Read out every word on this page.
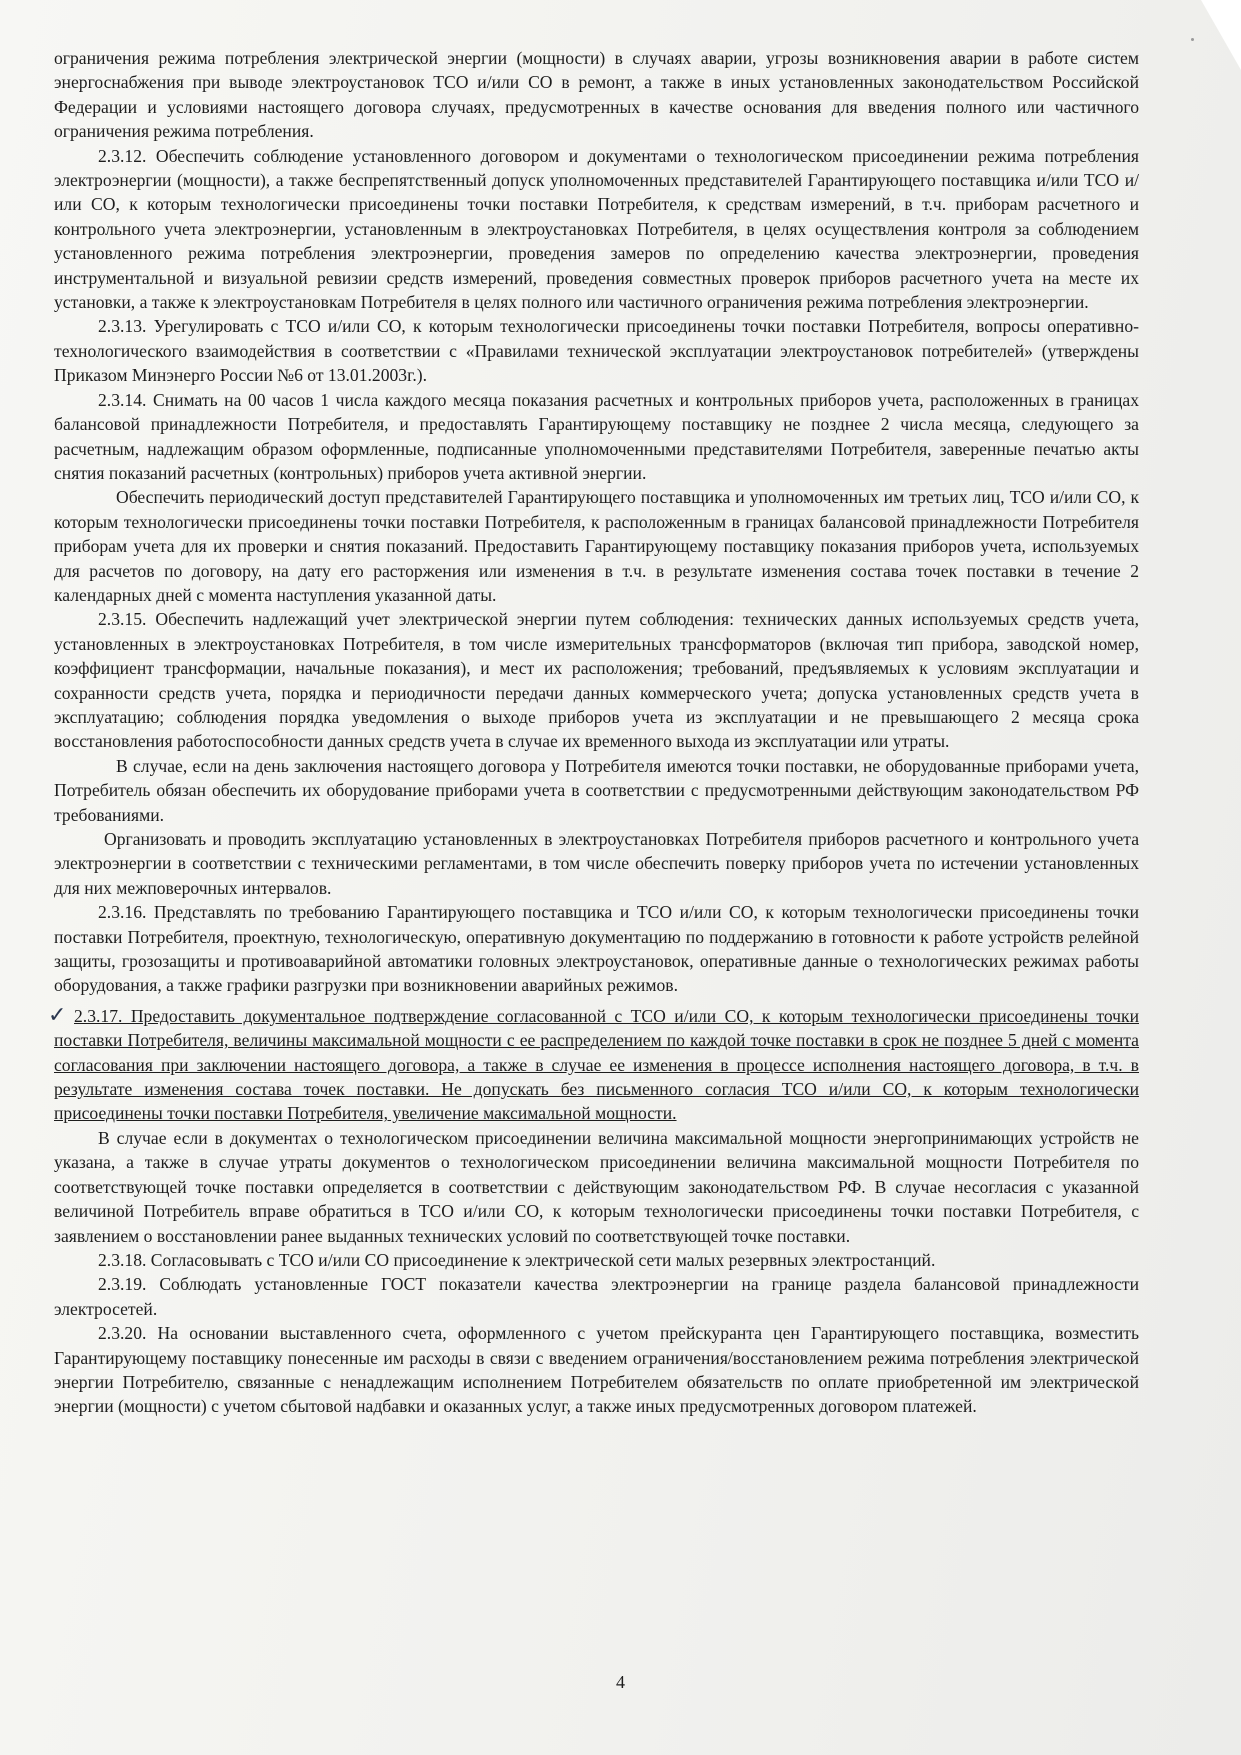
ограничения режима потребления электрической энергии (мощности) в случаях аварии, угрозы возникновения аварии в работе систем энергоснабжения при выводе электроустановок ТСО и/или СО в ремонт, а также в иных установленных законодательством Российской Федерации и условиями настоящего договора случаях, предусмотренных в качестве основания для введения полного или частичного ограничения режима потребления.

2.3.12. Обеспечить соблюдение установленного договором и документами о технологическом присоединении режима потребления электроэнергии (мощности), а также беспрепятственный допуск уполномоченных представителей Гарантирующего поставщика и/или ТСО и/или СО, к которым технологически присоединены точки поставки Потребителя, к средствам измерений, в т.ч. приборам расчетного и контрольного учета электроэнергии, установленным в электроустановках Потребителя, в целях осуществления контроля за соблюдением установленного режима потребления электроэнергии, проведения замеров по определению качества электроэнергии, проведения инструментальной и визуальной ревизии средств измерений, проведения совместных проверок приборов расчетного учета на месте их установки, а также к электроустановкам Потребителя в целях полного или частичного ограничения режима потребления электроэнергии.

2.3.13. Урегулировать с ТСО и/или СО, к которым технологически присоединены точки поставки Потребителя, вопросы оперативно-технологического взаимодействия в соответствии с «Правилами технической эксплуатации электроустановок потребителей» (утверждены Приказом Минэнерго России №6 от 13.01.2003г.).

2.3.14. Снимать на 00 часов 1 числа каждого месяца показания расчетных и контрольных приборов учета, расположенных в границах балансовой принадлежности Потребителя, и предоставлять Гарантирующему поставщику не позднее 2 числа месяца, следующего за расчетным, надлежащим образом оформленные, подписанные уполномоченными представителями Потребителя, заверенные печатью акты снятия показаний расчетных (контрольных) приборов учета активной энергии.

Обеспечить периодический доступ представителей Гарантирующего поставщика и уполномоченных им третьих лиц, ТСО и/или СО, к которым технологически присоединены точки поставки Потребителя, к расположенным в границах балансовой принадлежности Потребителя приборам учета для их проверки и снятия показаний. Предоставить Гарантирующему поставщику показания приборов учета, используемых для расчетов по договору, на дату его расторжения или изменения в т.ч. в результате изменения состава точек поставки в течение 2 календарных дней с момента наступления указанной даты.

2.3.15. Обеспечить надлежащий учет электрической энергии путем соблюдения: технических данных используемых средств учета, установленных в электроустановках Потребителя, в том числе измерительных трансформаторов (включая тип прибора, заводской номер, коэффициент трансформации, начальные показания), и мест их расположения; требований, предъявляемых к условиям эксплуатации и сохранности средств учета, порядка и периодичности передачи данных коммерческого учета; допуска установленных средств учета в эксплуатацию; соблюдения порядка уведомления о выходе приборов учета из эксплуатации и не превышающего 2 месяца срока восстановления работоспособности данных средств учета в случае их временного выхода из эксплуатации или утраты.

В случае, если на день заключения настоящего договора у Потребителя имеются точки поставки, не оборудованные приборами учета, Потребитель обязан обеспечить их оборудование приборами учета в соответствии с предусмотренными действующим законодательством РФ требованиями.

Организовать и проводить эксплуатацию установленных в электроустановках Потребителя приборов расчетного и контрольного учета электроэнергии в соответствии с техническими регламентами, в том числе обеспечить поверку приборов учета по истечении установленных для них межповерочных интервалов.

2.3.16. Представлять по требованию Гарантирующего поставщика и ТСО и/или СО, к которым технологически присоединены точки поставки Потребителя, проектную, технологическую, оперативную документацию по поддержанию в готовности к работе устройств релейной защиты, грозозащиты и противоаварийной автоматики головных электроустановок, оперативные данные о технологических режимах работы оборудования, а также графики разгрузки при возникновении аварийных режимов.

✓ 2.3.17. Предоставить документальное подтверждение согласованной с ТСО и/или СО, к которым технологически присоединены точки поставки Потребителя, величины максимальной мощности с ее распределением по каждой точке поставки в срок не позднее 5 дней с момента согласования при заключении настоящего договора, а также в случае ее изменения в процессе исполнения настоящего договора, в т.ч. в результате изменения состава точек поставки. Не допускать без письменного согласия ТСО и/или СО, к которым технологически присоединены точки поставки Потребителя, увеличение максимальной мощности.

В случае если в документах о технологическом присоединении величина максимальной мощности энергопринимающих устройств не указана, а также в случае утраты документов о технологическом присоединении величина максимальной мощности Потребителя по соответствующей точке поставки определяется в соответствии с действующим законодательством РФ. В случае несогласия с указанной величиной Потребитель вправе обратиться в ТСО и/или СО, к которым технологически присоединены точки поставки Потребителя, с заявлением о восстановлении ранее выданных технических условий по соответствующей точке поставки.

2.3.18. Согласовывать с ТСО и/или СО присоединение к электрической сети малых резервных электростанций.

2.3.19. Соблюдать установленные ГОСТ показатели качества электроэнергии на границе раздела балансовой принадлежности электросетей.

2.3.20. На основании выставленного счета, оформленного с учетом прейскуранта цен Гарантирующего поставщика, возместить Гарантирующему поставщику понесенные им расходы в связи с введением ограничения/восстановлением режима потребления электрической энергии Потребителю, связанные с ненадлежащим исполнением Потребителем обязательств по оплате приобретенной им электрической энергии (мощности) с учетом сбытовой надбавки и оказанных услуг, а также иных предусмотренных договором платежей.

4
